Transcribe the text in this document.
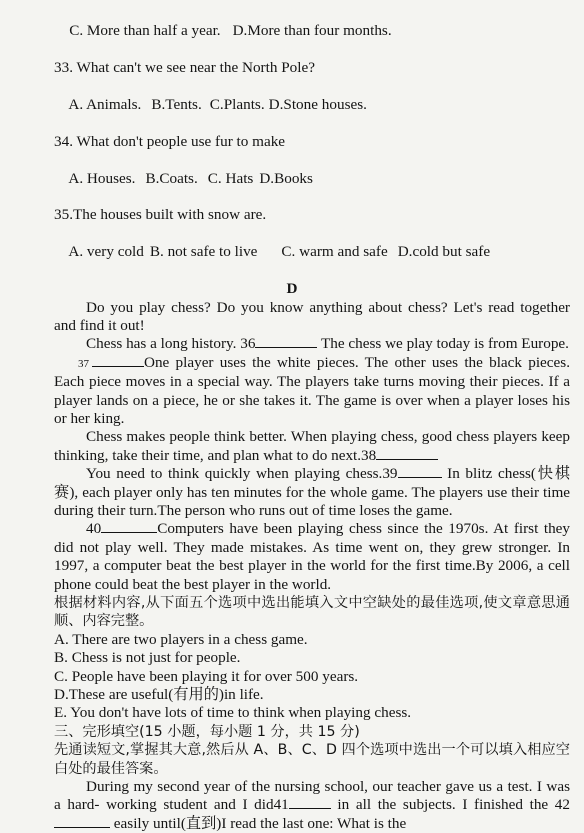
C. More than half a year. D.More than four months.

33. What can't we see near the North Pole?

A. Animals. B.Tents. C.Plants. D.Stone houses.

34. What don't people use fur to make

A. Houses. B.Coats. C. Hats D.Books

35.The houses built with snow are.

A. very cold B. not safe to live C. warm and safe D.cold but safe

D

Do you play chess? Do you know anything about chess? Let's read together and find it out!

Chess has a long history. 36	The chess we play today is from Europe.

37	One player uses the white pieces. The other uses the black pieces. Each piece moves in a special way. The players take turns moving their pieces. If a player lands on a piece, he or she takes it. The game is over when a player loses his or her king.

Chess makes people think better. When playing chess, good chess players keep thinking, take their time, and plan what to do next.38

You need to think quickly when playing chess.39	In blitz chess(快棋赛), each player only has ten minutes for the whole game. The players use their time during their turn.The person who runs out of time loses the game.

40	Computers have been playing chess since the 1970s. At first they did not play well. They made mistakes. As time went on, they grew stronger. In 1997, a computer beat the best player in the world for the first time.By 2006, a cell phone could beat the best player in the world.

根据材料内容,从下面五个选项中选出能填入文中空缺处的最佳选项,使文章意思通顺、内容完整。

A. There are two players in a chess game.
B. Chess is not just for people.
C. People have been playing it for over 500 years.
D.These are useful(有用的)in life.
E. You don't have lots of time to think when playing chess.
三、完形填空(15 小题，每小题 1 分，共 15 分)

先通读短文,掌握其大意,然后从 A、B、C、D 四个选项中选出一个可以填入相应空白处的最佳答案。

During my second year of the nursing school, our teacher gave us a test. I was a hard- working student and I did41	in all the subjects. I finished the 42 easily until(直到)I read the last one: What is the
